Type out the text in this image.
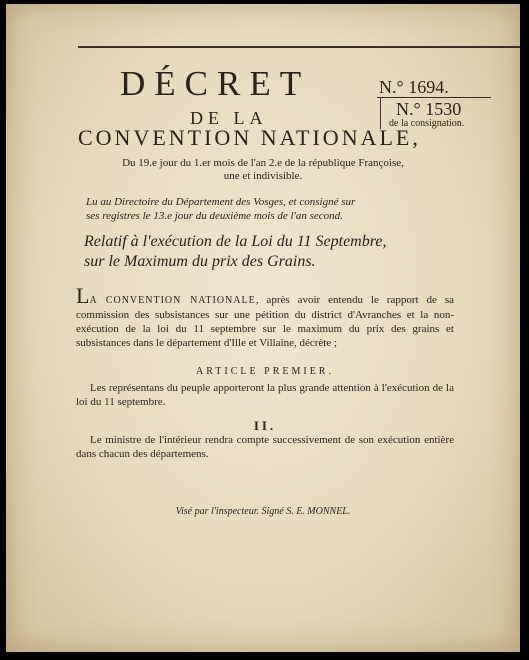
DÉCRET
DE LA
CONVENTION NATIONALE,
N.° 1694.
N.° 1530
de la consignation.
Du 19.e jour du 1.er mois de l'an 2.e de la république Françoise,
une et indivisible.
Lu au Directoire du Département des Vosges, et consigné sur
ses registres le 13.e jour du deuxième mois de l'an second.
Relatif à l'exécution de la Loi du 11 Septembre,
sur le Maximum du prix des Grains.

LA CONVENTION NATIONALE, après avoir entendu le rapport de sa commission des subsistances sur une pétition du district d'Avranches et la non-exécution de la loi du 11 septembre sur le maximum du prix des grains et subsistances dans le département d'Ille et Villaine, décrète ;

ARTICLE PREMIER.
Les représentans du peuple apporteront la plus grande attention à l'exécution de la loi du 11 septembre.
II.
Le ministre de l'intérieur rendra compte successivement de son exécution entière dans chacun des départemens.
Visé par l'inspecteur. Signé S. E. MONNEL.
